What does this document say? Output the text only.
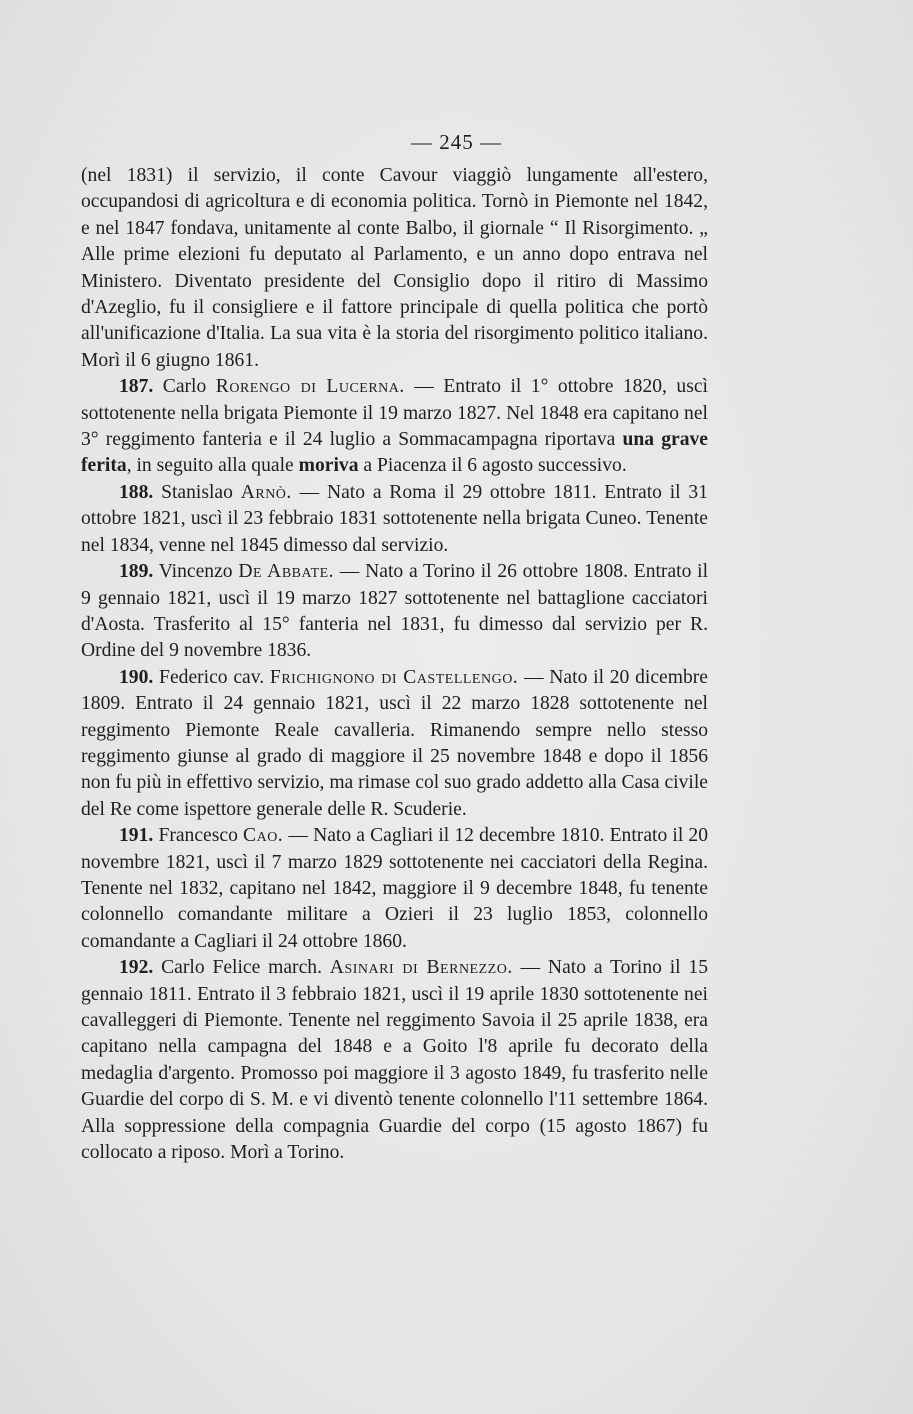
— 245 —

(nel 1831) il servizio, il conte Cavour viaggiò lungamente all'estero, occupandosi di agricoltura e di economia politica. Tornò in Piemonte nel 1842, e nel 1847 fondava, unitamente al conte Balbo, il giornale “ Il Risorgimento. „ Alle prime elezioni fu deputato al Parlamento, e un anno dopo entrava nel Ministero. Diventato presidente del Consiglio dopo il ritiro di Massimo d'Azeglio, fu il consigliere e il fattore principale di quella politica che portò all'unificazione d'Italia. La sua vita è la storia del risorgimento politico italiano. Morì il 6 giugno 1861.

187. Carlo Rorengo di Lucerna. — Entrato il 1° ottobre 1820, uscì sottotenente nella brigata Piemonte il 19 marzo 1827. Nel 1848 era capitano nel 3° reggimento fanteria e il 24 luglio a Sommacampagna riportava una grave ferita, in seguito alla quale moriva a Piacenza il 6 agosto successivo.

188. Stanislao Arnò. — Nato a Roma il 29 ottobre 1811. Entrato il 31 ottobre 1821, uscì il 23 febbraio 1831 sottotenente nella brigata Cuneo. Tenente nel 1834, venne nel 1845 dimesso dal servizio.

189. Vincenzo De Abbate. — Nato a Torino il 26 ottobre 1808. Entrato il 9 gennaio 1821, uscì il 19 marzo 1827 sottotenente nel battaglione cacciatori d'Aosta. Trasferito al 15° fanteria nel 1831, fu dimesso dal servizio per R. Ordine del 9 novembre 1836.

190. Federico cav. Frichignono di Castellengo. — Nato il 20 dicembre 1809. Entrato il 24 gennaio 1821, uscì il 22 marzo 1828 sottotenente nel reggimento Piemonte Reale cavalleria. Rimanendo sempre nello stesso reggimento giunse al grado di maggiore il 25 novembre 1848 e dopo il 1856 non fu più in effettivo servizio, ma rimase col suo grado addetto alla Casa civile del Re come ispettore generale delle R. Scuderie.

191. Francesco Cao. — Nato a Cagliari il 12 decembre 1810. Entrato il 20 novembre 1821, uscì il 7 marzo 1829 sottotenente nei cacciatori della Regina. Tenente nel 1832, capitano nel 1842, maggiore il 9 decembre 1848, fu tenente colonnello comandante militare a Ozieri il 23 luglio 1853, colonnello comandante a Cagliari il 24 ottobre 1860.

192. Carlo Felice march. Asinari di Bernezzo. — Nato a Torino il 15 gennaio 1811. Entrato il 3 febbraio 1821, uscì il 19 aprile 1830 sottotenente nei cavalleggeri di Piemonte. Tenente nel reggimento Savoia il 25 aprile 1838, era capitano nella campagna del 1848 e a Goito l'8 aprile fu decorato della medaglia d'argento. Promosso poi maggiore il 3 agosto 1849, fu trasferito nelle Guardie del corpo di S. M. e vi diventò tenente colonnello l'11 settembre 1864. Alla soppressione della compagnia Guardie del corpo (15 agosto 1867) fu collocato a riposo. Morì a Torino.
